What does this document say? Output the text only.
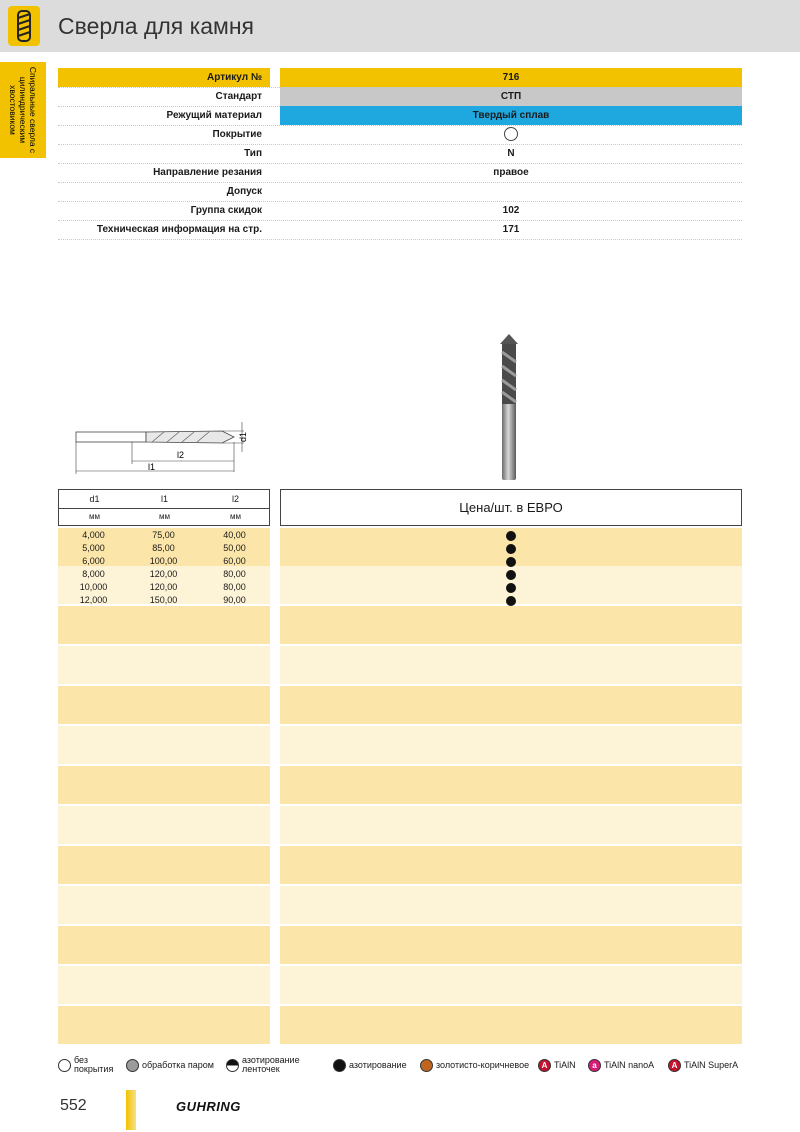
Сверла для камня
Спиральные сверла с цилиндрическим хвостовиком
Артикул №	716
Стандарт	СТП
Режущий материал	Твердый сплав
Покрытие
Тип	N
Направление резания	правое
Допуск
Группа скидок	102
Техническая информация на стр.	171
d1
l2
l1
d1	l1	l2
мм	мм	мм
Цена/шт. в ЕВРО
4,000	75,00	40,00
5,000	85,00	50,00
6,000	100,00	60,00
8,000	120,00	80,00
10,000	120,00	80,00
12,000	150,00	90,00
без покрытия	обработка паром	азотирование ленточек	азотирование	золотисто-коричневое	A TiAlN	a TiAlN nanoA	A TiAlN SuperA
552	GUHRING
